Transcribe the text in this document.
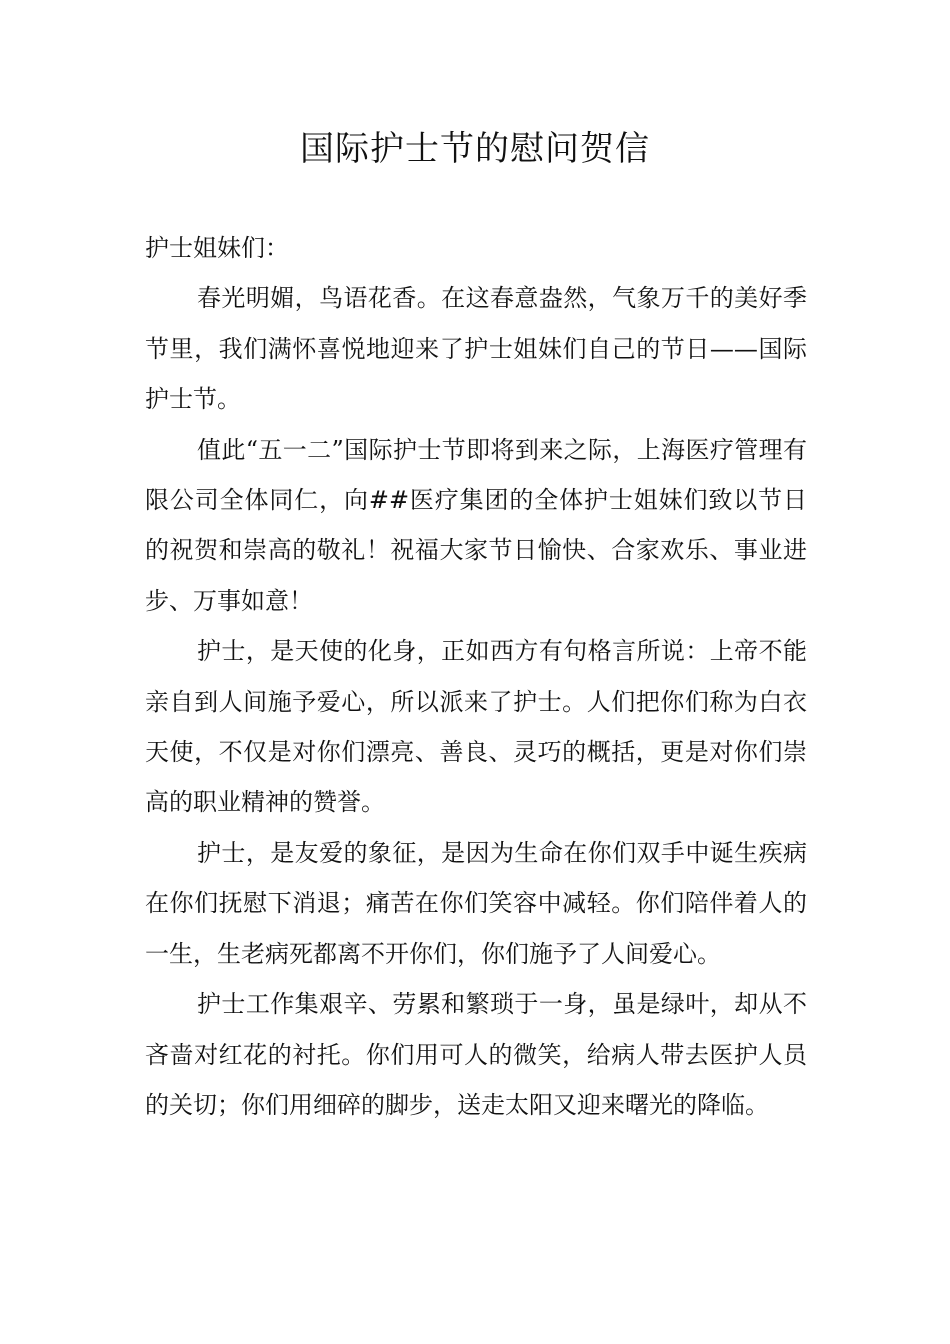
国际护士节的慰问贺信

护士姐妹们：

春光明媚，鸟语花香。在这春意盎然，气象万千的美好季节里，我们满怀喜悦地迎来了护士姐妹们自己的节日——国际护士节。

值此“五一二”国际护士节即将到来之际，上海医疗管理有限公司全体同仁，向##医疗集团的全体护士姐妹们致以节日的祝贺和崇高的敬礼！祝福大家节日愉快、合家欢乐、事业进步、万事如意！

护士，是天使的化身，正如西方有句格言所说：上帝不能亲自到人间施予爱心，所以派来了护士。人们把你们称为白衣天使，不仅是对你们漂亮、善良、灵巧的概括，更是对你们崇高的职业精神的赞誉。

护士，是友爱的象征，是因为生命在你们双手中诞生疾病在你们抚慰下消退；痛苦在你们笑容中减轻。你们陪伴着人的一生，生老病死都离不开你们，你们施予了人间爱心。

护士工作集艰辛、劳累和繁琐于一身，虽是绿叶，却从不吝啬对红花的衬托。你们用可人的微笑，给病人带去医护人员的关切；你们用细碎的脚步，送走太阳又迎来曙光的降临。
